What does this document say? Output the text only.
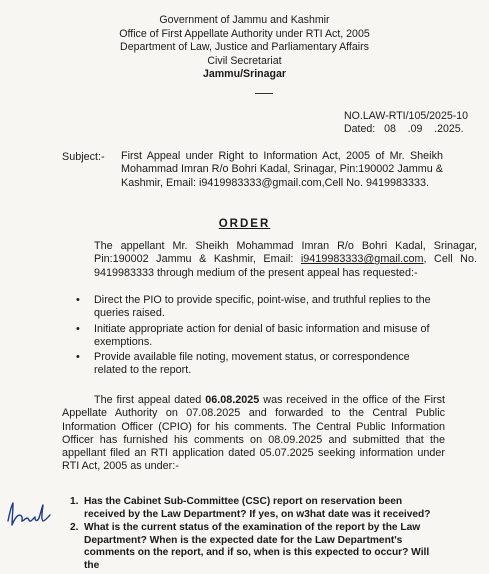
Government of Jammu and Kashmir
Office of First Appellate Authority under RTI Act, 2005
Department of Law, Justice and Parliamentary Affairs
Civil Secretariat
Jammu/Srinagar
NO.LAW-RTI/105/2025-10
Dated: 08 .09 .2025.
Subject:- First Appeal under Right to Information Act, 2005 of Mr. Sheikh Mohammad Imran R/o Bohri Kadal, Srinagar, Pin:190002 Jammu & Kashmir, Email: i9419983333@gmail.com,Cell No. 9419983333.
ORDER
The appellant Mr. Sheikh Mohammad Imran R/o Bohri Kadal, Srinagar, Pin:190002 Jammu & Kashmir, Email: i9419983333@gmail.com, Cell No. 9419983333 through medium of the present appeal has requested:-
• Direct the PIO to provide specific, point-wise, and truthful replies to the queries raised.
• Initiate appropriate action for denial of basic information and misuse of exemptions.
• Provide available file noting, movement status, or correspondence related to the report.
The first appeal dated 06.08.2025 was received in the office of the First Appellate Authority on 07.08.2025 and forwarded to the Central Public Information Officer (CPIO) for his comments. The Central Public Information Officer has furnished his comments on 08.09.2025 and submitted that the appellant filed an RTI application dated 05.07.2025 seeking information under RTI Act, 2005 as under:-
1. Has the Cabinet Sub-Committee (CSC) report on reservation been received by the Law Department? If yes, on w3hat date was it received?
2. What is the current status of the examination of the report by the Law Department? When is the expected date for the Law Department's comments on the report, and if so, when is this expected to occur? Will the
